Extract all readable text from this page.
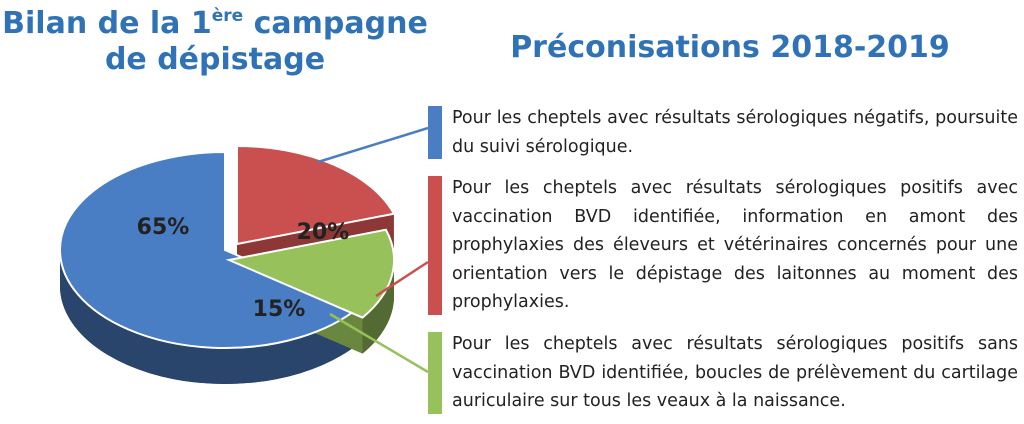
Bilan de la 1ère campagne
de dépistage	Préconisations 2018-2019
65%	20%
15%

Pour les cheptels avec résultats sérologiques négatifs, poursuite du suivi sérologique.

Pour les cheptels avec résultats sérologiques positifs avec vaccination BVD identifiée, information en amont des prophylaxies des éleveurs et vétérinaires concernés pour une orientation vers le dépistage des laitonnes au moment des prophylaxies.

Pour les cheptels avec résultats sérologiques positifs sans vaccination BVD identifiée, boucles de prélèvement du cartilage auriculaire sur tous les veaux à la naissance.
